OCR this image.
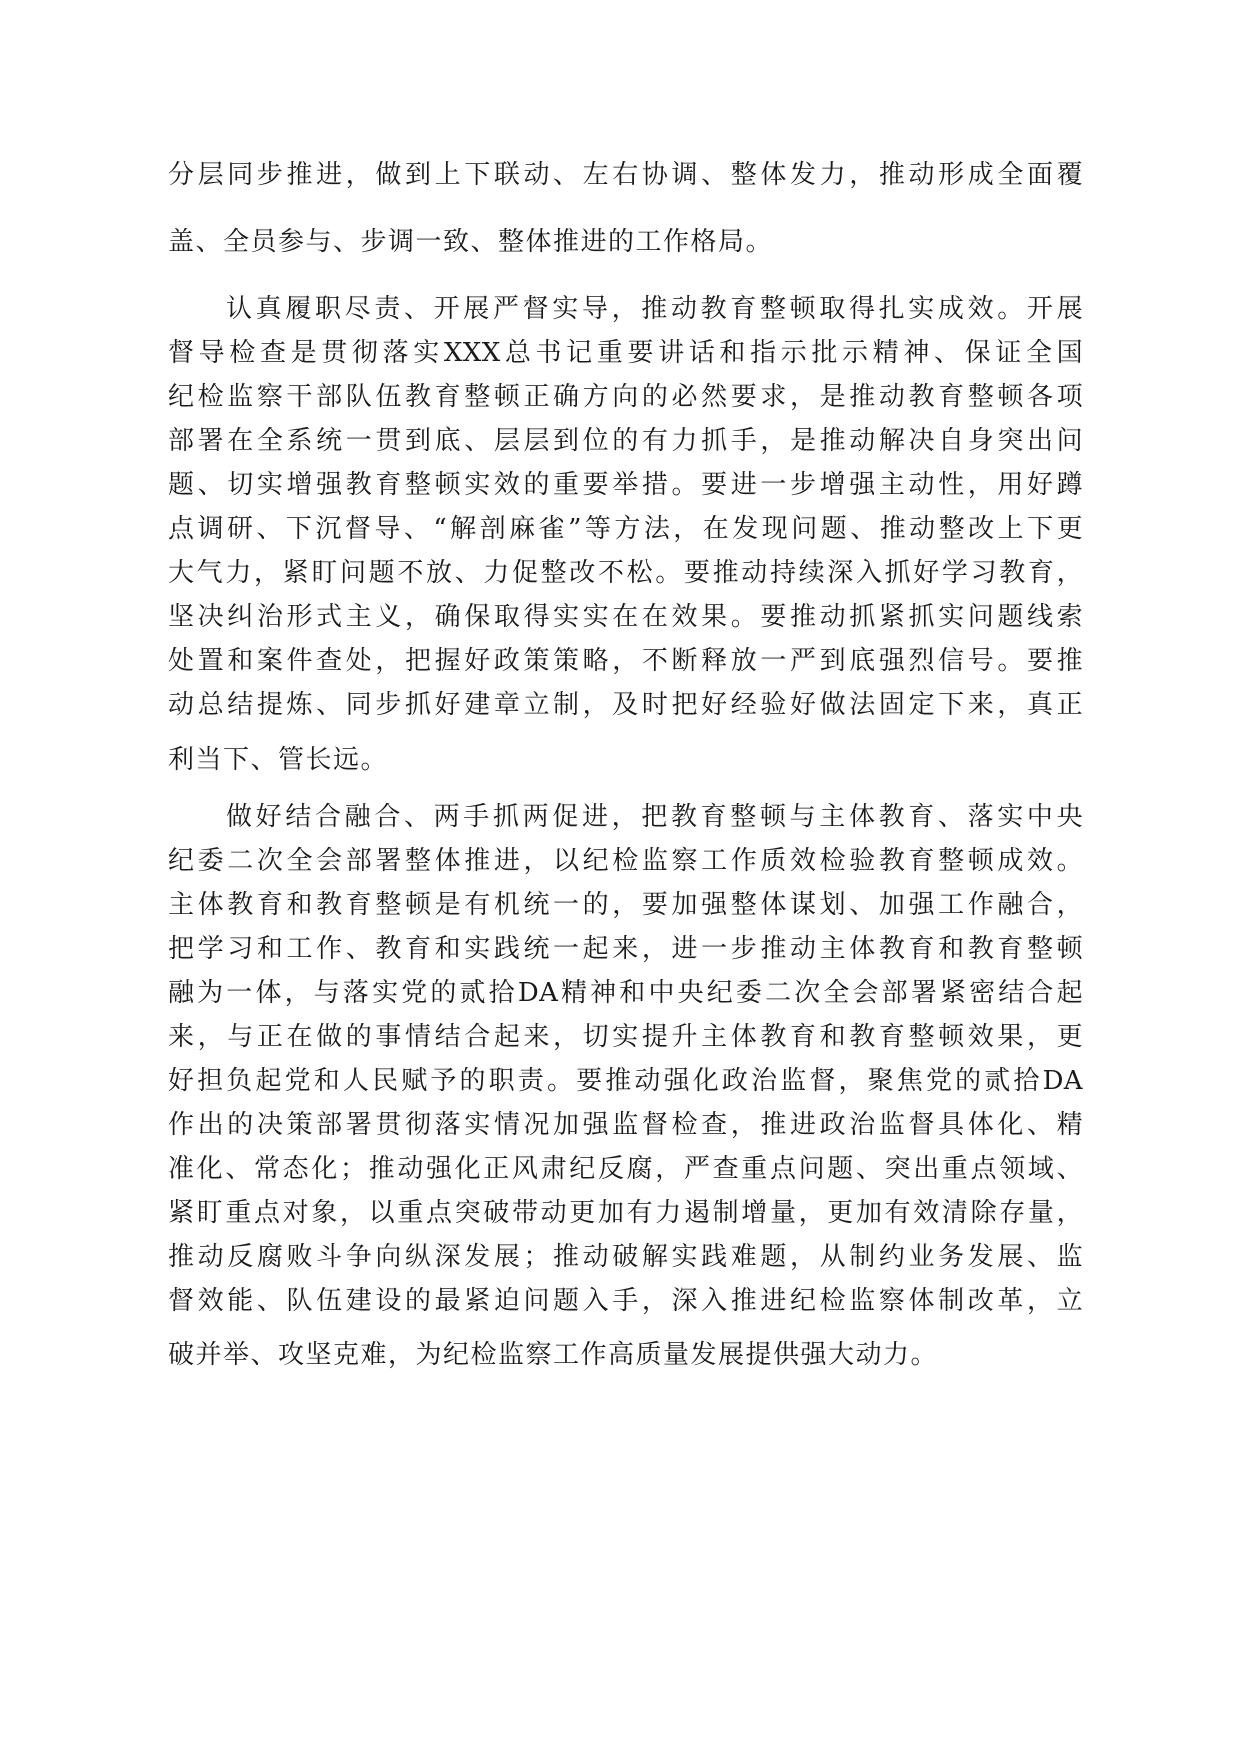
分层同步推进，做到上下联动、左右协调、整体发力，推动形成全面覆
盖、全员参与、步调一致、整体推进的工作格局。
认真履职尽责、开展严督实导，推动教育整顿取得扎实成效。开展
督导检查是贯彻落实XXX总书记重要讲话和指示批示精神、保证全国
纪检监察干部队伍教育整顿正确方向的必然要求，是推动教育整顿各项
部署在全系统一贯到底、层层到位的有力抓手，是推动解决自身突出问
题、切实增强教育整顿实效的重要举措。要进一步增强主动性，用好蹲
点调研、下沉督导、“解剖麻雀”等方法，在发现问题、推动整改上下更
大气力，紧盯问题不放、力促整改不松。要推动持续深入抓好学习教育，
坚决纠治形式主义，确保取得实实在在效果。要推动抓紧抓实问题线索
处置和案件查处，把握好政策策略，不断释放一严到底强烈信号。要推
动总结提炼、同步抓好建章立制，及时把好经验好做法固定下来，真正
利当下、管长远。
做好结合融合、两手抓两促进，把教育整顿与主体教育、落实中央
纪委二次全会部署整体推进，以纪检监察工作质效检验教育整顿成效。
主体教育和教育整顿是有机统一的，要加强整体谋划、加强工作融合，
把学习和工作、教育和实践统一起来，进一步推动主体教育和教育整顿
融为一体，与落实党的贰拾DA精神和中央纪委二次全会部署紧密结合起
来，与正在做的事情结合起来，切实提升主体教育和教育整顿效果，更
好担负起党和人民赋予的职责。要推动强化政治监督，聚焦党的贰拾DA
作出的决策部署贯彻落实情况加强监督检查，推进政治监督具体化、精
准化、常态化；推动强化正风肃纪反腐，严查重点问题、突出重点领域、
紧盯重点对象，以重点突破带动更加有力遏制增量，更加有效清除存量，
推动反腐败斗争向纵深发展；推动破解实践难题，从制约业务发展、监
督效能、队伍建设的最紧迫问题入手，深入推进纪检监察体制改革，立
破并举、攻坚克难，为纪检监察工作高质量发展提供强大动力。
